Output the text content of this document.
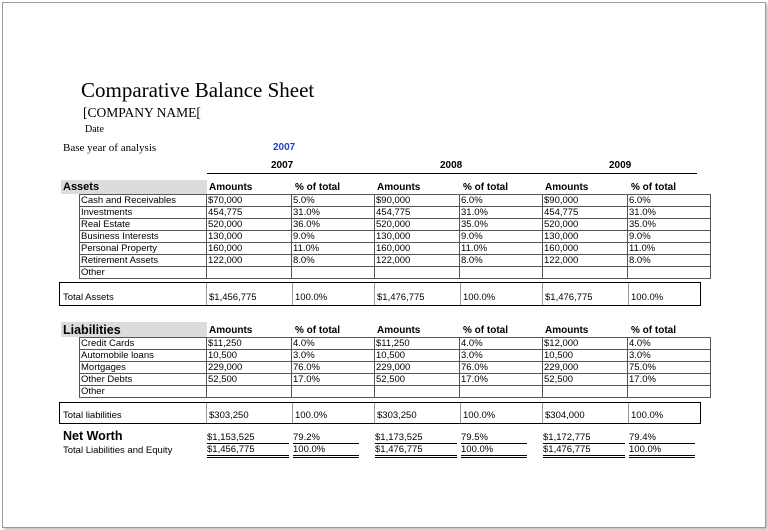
Comparative Balance Sheet
[COMPANY NAME[
Date
Base year of analysis	2007
2007	2008	2009
Assets	Amounts	% of total	Amounts	% of total	Amounts	% of total
Cash and Receivables	$70,000	5.0%	$90,000	6.0%	$90,000	6.0%
Investments	454,775	31.0%	454,775	31.0%	454,775	31.0%
Real Estate	520,000	36.0%	520,000	35.0%	520,000	35.0%
Business Interests	130,000	9.0%	130,000	9.0%	130,000	9.0%
Personal Property	160,000	11.0%	160,000	11.0%	160,000	11.0%
Retirement Assets	122,000	8.0%	122,000	8.0%	122,000	8.0%
Other						
Total Assets	$1,456,775	100.0%	$1,476,775	100.0%	$1,476,775	100.0%
Liabilities	Amounts	% of total	Amounts	% of total	Amounts	% of total
Credit Cards	$11,250	4.0%	$11,250	4.0%	$12,000	4.0%
Automobile loans	10,500	3.0%	10,500	3.0%	10,500	3.0%
Mortgages	229,000	76.0%	229,000	76.0%	229,000	75.0%
Other Debts	52,500	17.0%	52,500	17.0%	52,500	17.0%
Other						
Total liabilities	$303,250	100.0%	$303,250	100.0%	$304,000	100.0%
Net Worth	$1,153,525	79.2%	$1,173,525	79.5%	$1,172,775	79.4%
Total Liabilities and Equity	$1,456,775	100.0%	$1,476,775	100.0%	$1,476,775	100.0%
